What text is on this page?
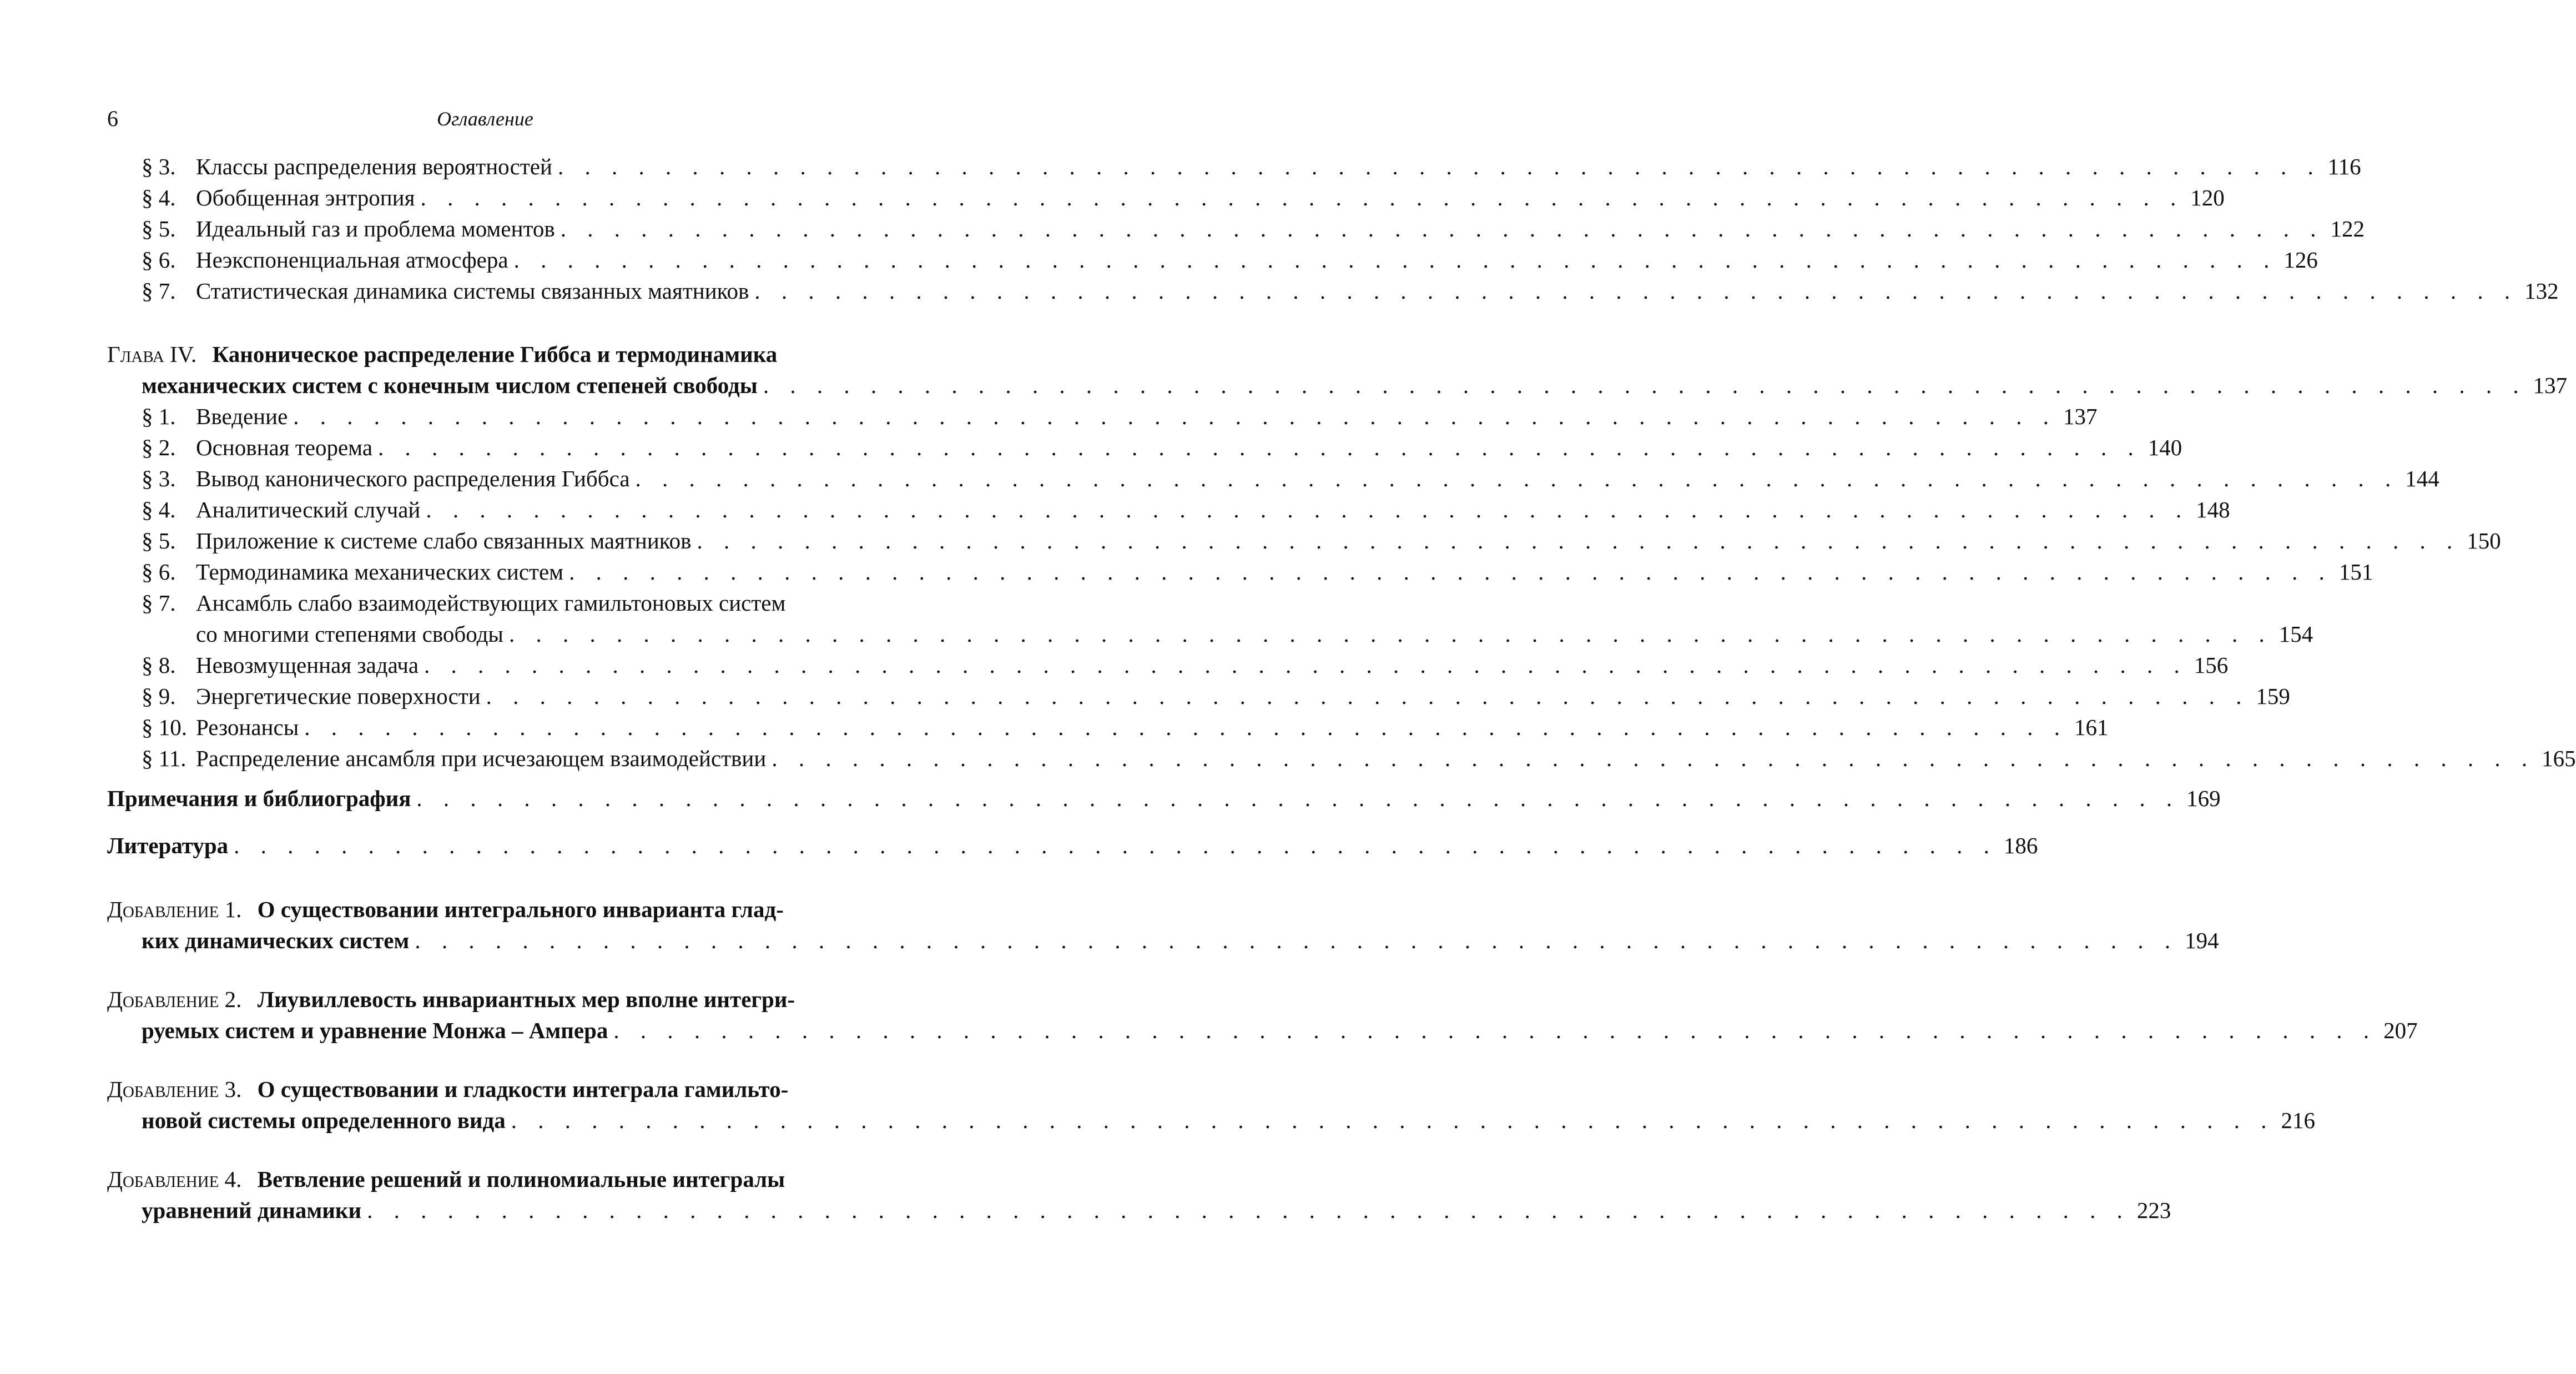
6	Оглавление
§ 3. Классы распределения вероятностей . . . . . . . . . . . . . . . . . . . . . . . . . . . . . . . . . . . . . . . . . . . . . . . . . . . . . . . . . . . . . . . . . . 116
§ 4. Обобщенная энтропия . . . . . . . . . . . . . . . . . . . . . . . . . . . . . . . . . . . . . . . . . . . . . . . . . . . . . . . . . . . . . . . . . . 120
§ 5. Идеальный газ и проблема моментов . . . . . . . . . . . . . . . . . . . . . . . . . . . . . . . . . . . . . . . . . . . . . . . . . . . . . . . . . . . . . . . . . . 122
§ 6. Неэкспоненциальная атмосфера . . . . . . . . . . . . . . . . . . . . . . . . . . . . . . . . . . . . . . . . . . . . . . . . . . . . . . . . . . . . . . . . . . 126
§ 7. Статистическая динамика системы связанных маятников . . . . . . . . . . . . . . . . . . . . . . . . . . . . . . . . . . . . . . . . . . . . . . . . . . . . . . . . . . . . . . . . . . 132
Глава IV. Каноническое распределение Гиббса и термодинамика
механических систем с конечным числом степеней свободы . . . . . . . . . . . . . . . . . . . . . . . . . . . . . . . . . . . . . . . . . . . . . . . . . . . . . . . . . . . . . . . . . . 137
§ 1. Введение . . . . . . . . . . . . . . . . . . . . . . . . . . . . . . . . . . . . . . . . . . . . . . . . . . . . . . . . . . . . . . . . . . 137
§ 2. Основная теорема . . . . . . . . . . . . . . . . . . . . . . . . . . . . . . . . . . . . . . . . . . . . . . . . . . . . . . . . . . . . . . . . . . 140
§ 3. Вывод канонического распределения Гиббса . . . . . . . . . . . . . . . . . . . . . . . . . . . . . . . . . . . . . . . . . . . . . . . . . . . . . . . . . . . . . . . . . . 144
§ 4. Аналитический случай . . . . . . . . . . . . . . . . . . . . . . . . . . . . . . . . . . . . . . . . . . . . . . . . . . . . . . . . . . . . . . . . . . 148
§ 5. Приложение к системе слабо связанных маятников . . . . . . . . . . . . . . . . . . . . . . . . . . . . . . . . . . . . . . . . . . . . . . . . . . . . . . . . . . . . . . . . . . 150
§ 6. Термодинамика механических систем . . . . . . . . . . . . . . . . . . . . . . . . . . . . . . . . . . . . . . . . . . . . . . . . . . . . . . . . . . . . . . . . . . 151
§ 7. Ансамбль слабо взаимодействующих гамильтоновых систем
со многими степенями свободы . . . . . . . . . . . . . . . . . . . . . . . . . . . . . . . . . . . . . . . . . . . . . . . . . . . . . . . . . . . . . . . . . . 154
§ 8. Невозмущенная задача . . . . . . . . . . . . . . . . . . . . . . . . . . . . . . . . . . . . . . . . . . . . . . . . . . . . . . . . . . . . . . . . . . 156
§ 9. Энергетические поверхности . . . . . . . . . . . . . . . . . . . . . . . . . . . . . . . . . . . . . . . . . . . . . . . . . . . . . . . . . . . . . . . . . . 159
§ 10. Резонансы . . . . . . . . . . . . . . . . . . . . . . . . . . . . . . . . . . . . . . . . . . . . . . . . . . . . . . . . . . . . . . . . . . 161
§ 11. Распределение ансамбля при исчезающем взаимодействии . . . . . . . . . . . . . . . . . . . . . . . . . . . . . . . . . . . . . . . . . . . . . . . . . . . . . . . . . . . . . . . . . . 165
Примечания и библиография . . . . . . . . . . . . . . . . . . . . . . . . . . . . . . . . . . . . . . . . . . . . . . . . . . . . . . . . . . . . . . . . . . 169
Литература . . . . . . . . . . . . . . . . . . . . . . . . . . . . . . . . . . . . . . . . . . . . . . . . . . . . . . . . . . . . . . . . . . 186
Добавление 1. О существовании интегрального инварианта глад-
ких динамических систем . . . . . . . . . . . . . . . . . . . . . . . . . . . . . . . . . . . . . . . . . . . . . . . . . . . . . . . . . . . . . . . . . . 194
Добавление 2. Лиувиллевость инвариантных мер вполне интегри-
руемых систем и уравнение Монжа – Ампера . . . . . . . . . . . . . . . . . . . . . . . . . . . . . . . . . . . . . . . . . . . . . . . . . . . . . . . . . . . . . . . . . . 207
Добавление 3. О существовании и гладкости интеграла гамильто-
новой системы определенного вида . . . . . . . . . . . . . . . . . . . . . . . . . . . . . . . . . . . . . . . . . . . . . . . . . . . . . . . . . . . . . . . . . . 216
Добавление 4. Ветвление решений и полиномиальные интегралы
уравнений динамики . . . . . . . . . . . . . . . . . . . . . . . . . . . . . . . . . . . . . . . . . . . . . . . . . . . . . . . . . . . . . . . . . . 223
